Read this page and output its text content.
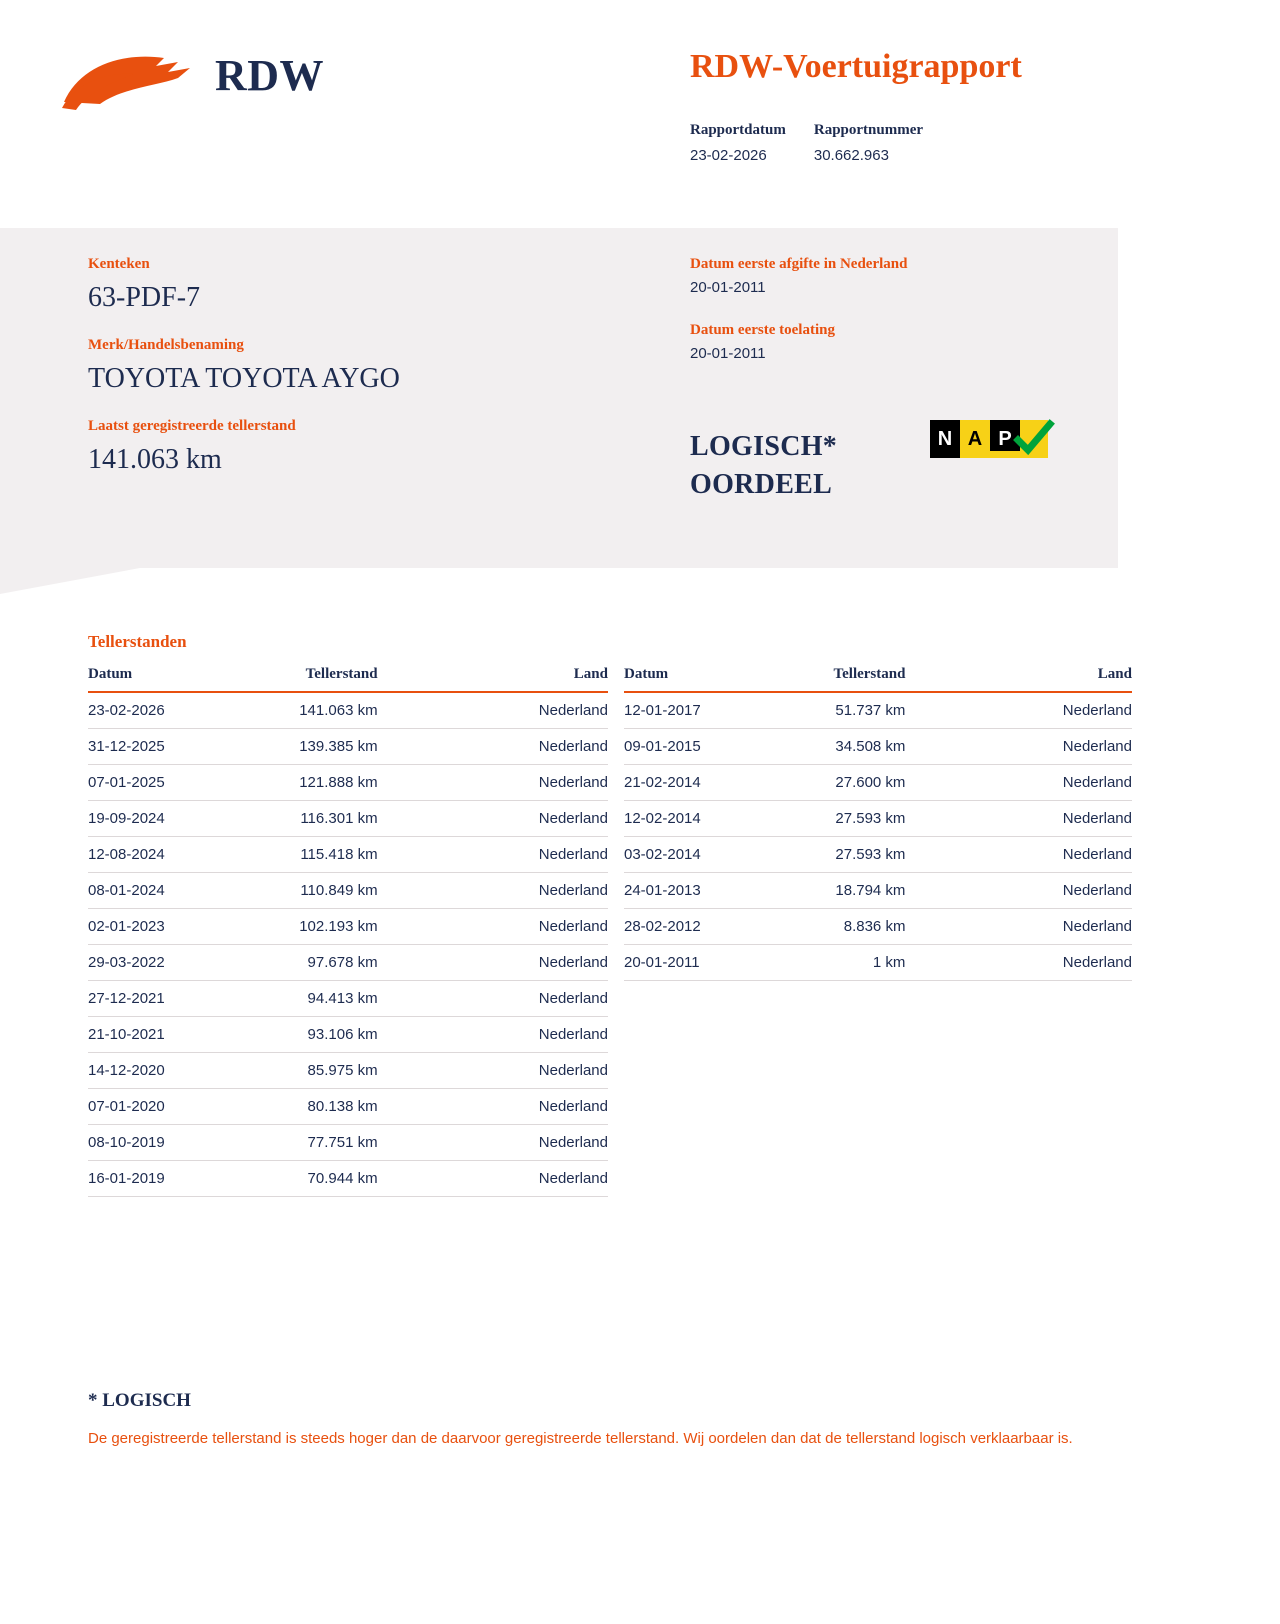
RDW	RDW-Voertuigrapport
Rapportdatum
23-02-2026
Rapportnummer
30.662.963

Kenteken

63-PDF-7

Merk/Handelsbenaming

TOYOTA TOYOTA AYGO

Laatst geregistreerde tellerstand

141.063 km

Datum eerste afgifte in Nederland

20-01-2011

Datum eerste toelating

20-01-2011

LOGISCH*
OORDEEL
N A P
Tellerstanden
Datum	Tellerstand	Land
23-02-2026	141.063 km	Nederland
31-12-2025	139.385 km	Nederland
07-01-2025	121.888 km	Nederland
19-09-2024	116.301 km	Nederland
12-08-2024	115.418 km	Nederland
08-01-2024	110.849 km	Nederland
02-01-2023	102.193 km	Nederland
29-03-2022	97.678 km	Nederland
27-12-2021	94.413 km	Nederland
21-10-2021	93.106 km	Nederland
14-12-2020	85.975 km	Nederland
07-01-2020	80.138 km	Nederland
08-10-2019	77.751 km	Nederland
16-01-2019	70.944 km	Nederland
Datum	Tellerstand	Land
12-01-2017	51.737 km	Nederland
09-01-2015	34.508 km	Nederland
21-02-2014	27.600 km	Nederland
12-02-2014	27.593 km	Nederland
03-02-2014	27.593 km	Nederland
24-01-2013	18.794 km	Nederland
28-02-2012	8.836 km	Nederland
20-01-2011	1 km	Nederland

* LOGISCH

De geregistreerde tellerstand is steeds hoger dan de daarvoor geregistreerde tellerstand. Wij oordelen dan dat de tellerstand logisch verklaarbaar is.
